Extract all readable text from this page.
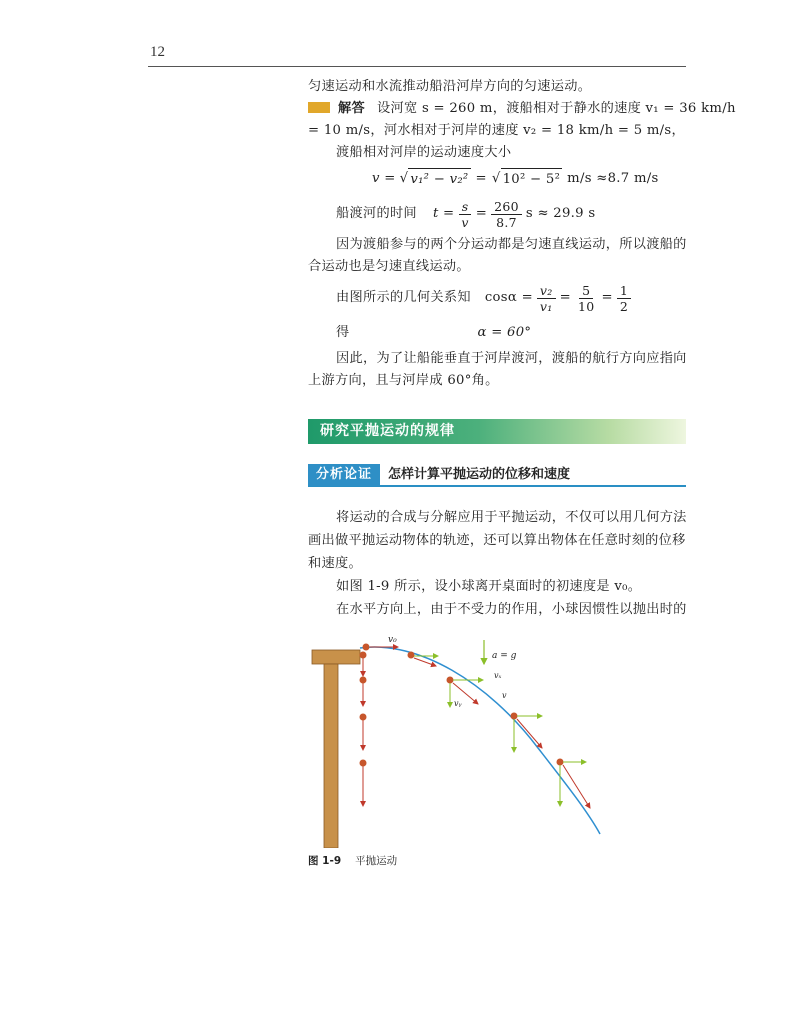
12
匀速运动和水流推动船沿河岸方向的匀速运动。
解答 设河宽 s = 260 m，渡船相对于静水的速度 v₁ = 36 km/h
= 10 m/s，河水相对于河岸的速度 v₂ = 18 km/h = 5 m/s，
渡船相对河岸的运动速度大小
v = √ v₁² − v₂² = √ 10² − 5² m/s ≈8.7 m/s
船渡河的时间 $t = \frac{s}{v} = \frac{260}{8.7}$ s ≈ 29.9 s
因为渡船参与的两个分运动都是匀速直线运动，所以渡船的
合运动也是匀速直线运动。
由图所示的几何关系知 $\cos\alpha = \frac{\text{v₂}}{\text{v₁}} = \frac{5}{10} = \frac{1}{2}$
得	α = 60°
因此，为了让船能垂直于河岸渡河，渡船的航行方向应指向
上游方向，且与河岸成 60°角。
研究平抛运动的规律
分析论证 怎样计算平抛运动的位移和速度
将运动的合成与分解应用于平抛运动，不仅可以用几何方法
画出做平抛运动物体的轨迹，还可以算出物体在任意时刻的位移
和速度。
如图 1-9 所示，设小球离开桌面时的初速度是 v₀。
在水平方向上，由于不受力的作用，小球因惯性以抛出时的
v₀
a = g
vₓ
vᵧ
v
图 1-9 平抛运动
